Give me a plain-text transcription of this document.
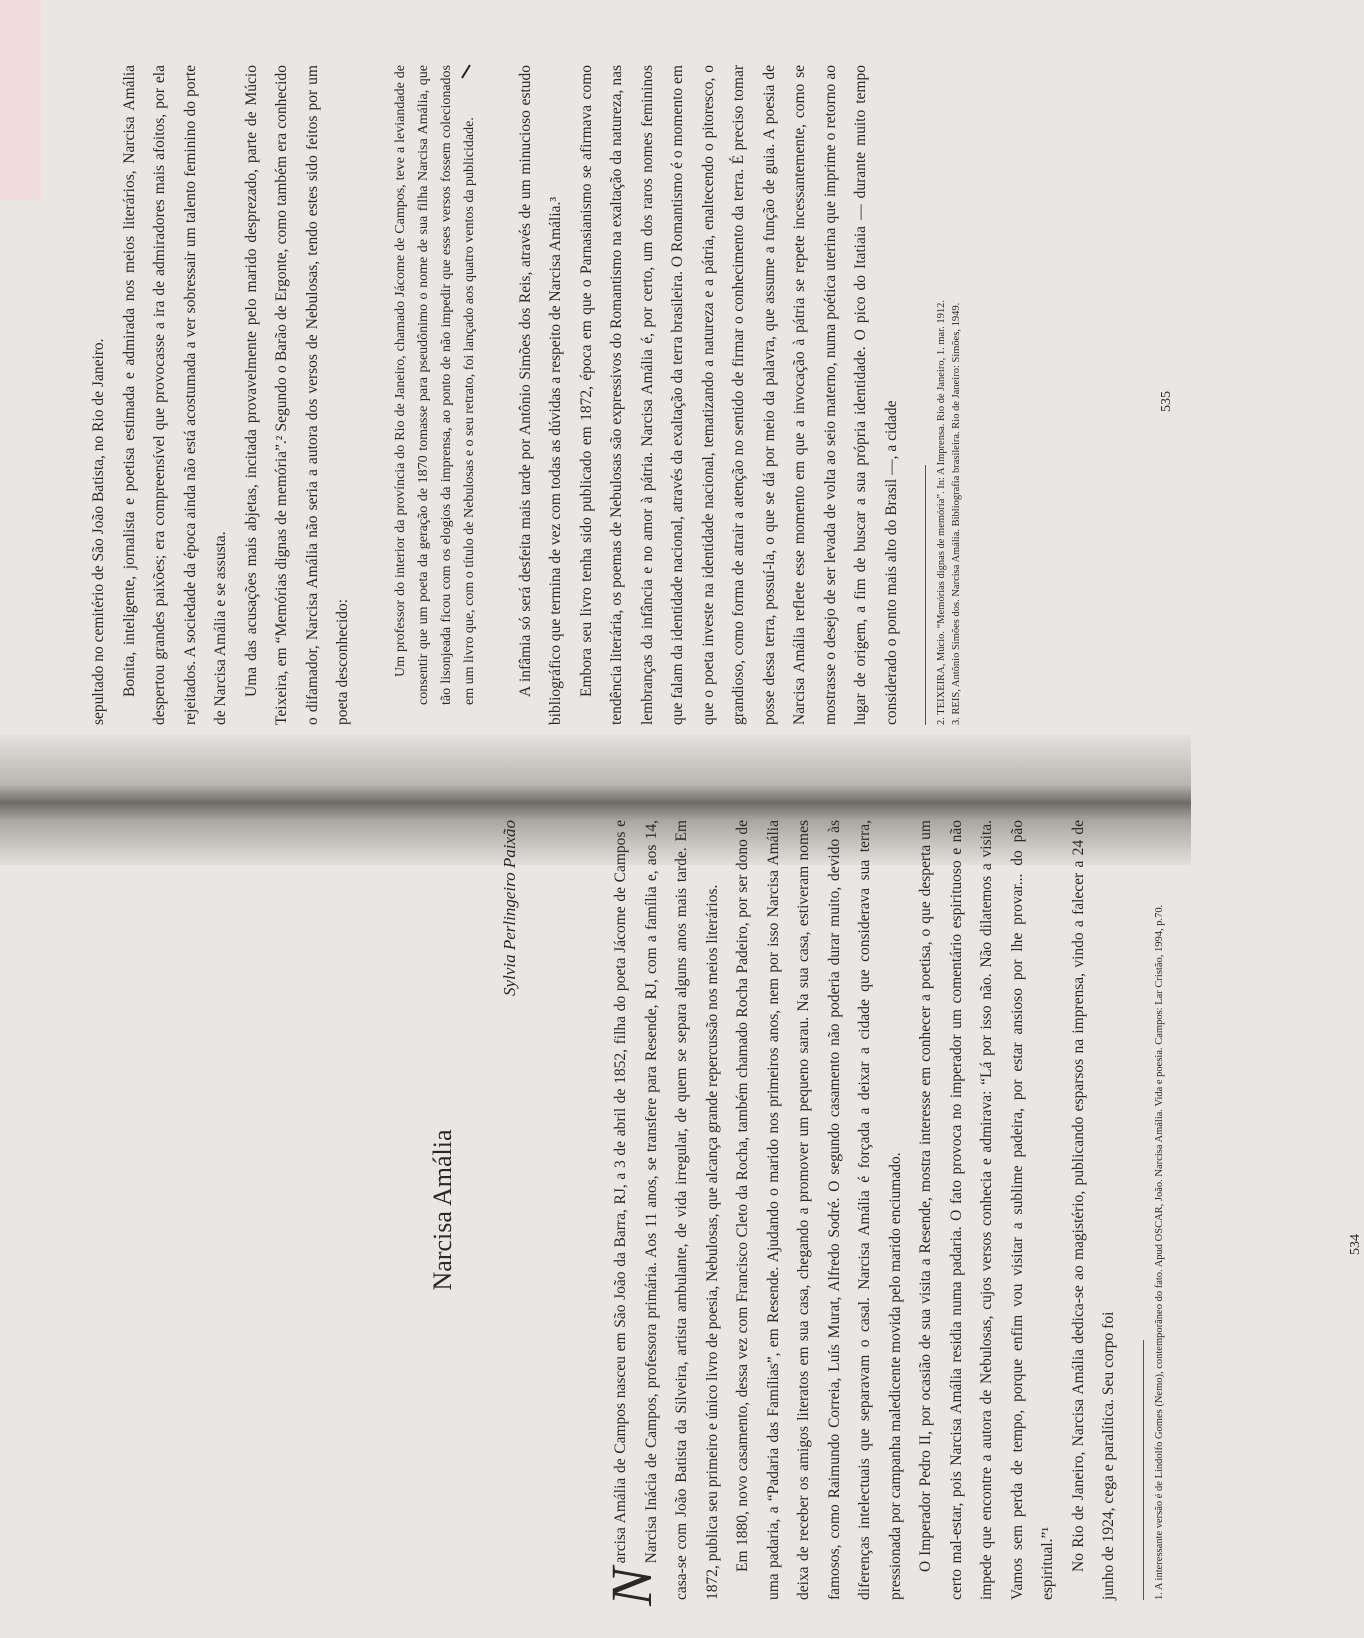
sepultado no cemitério de São João Batista, no Rio de Janeiro. Bonita, inteligente, jornalista e poetisa estimada e admirada nos meios literários, Narcisa Amália despertou grandes paixões; era compreensível que provocasse a ira de admiradores mais afoitos, por ela rejeitados. A sociedade da época ainda não está acostumada a ver sobressair um talento feminino do porte de Narcisa Amália e se assusta. Uma das acusações mais abjetas, incitada provavelmente pelo marido desprezado, parte de Múcio Teixeira, em “Memórias dignas de memória”.² Segundo o Barão de Ergonte, como também era conhecido o difamador, Narcisa Amália não seria a autora dos versos de Nebulosas, tendo estes sido feitos por um poeta desconhecido:	Um professor do interior da província do Rio de Janeiro, chamado Jácome de Campos, teve a leviandade de consentir que um poeta da geração de 1870 tomasse para pseudônimo o nome de sua filha Narcisa Amália, que tão lisonjeada ficou com os elogios da imprensa, ao ponto de não impedir que esses versos fossem colecionados em um livro que, com o título de Nebulosas e o seu retrato, foi lançado aos quatro ventos da publicidade.	A infâmia só será desfeita mais tarde por Antônio Simões dos Reis, através de um minucioso estudo bibliográfico que termina de vez com todas as dúvidas a respeito de Narcisa Amália.³ Embora seu livro tenha sido publicado em 1872, época em que o Parnasianismo se afirmava como tendência literária, os poemas de Nebulosas são expressivos do Romantismo na exaltação da natureza, nas lembranças da infância e no amor à pátria. Narcisa Amália é, por certo, um dos raros nomes femininos que falam da identidade nacional, através da exaltação da terra brasileira. O Romantismo é o momento em que o poeta investe na identidade nacional, tematizando a natureza e a pátria, enaltecendo o pitoresco, o grandioso, como forma de atrair a atenção no sentido de firmar o conhecimento da terra. É preciso tomar posse dessa terra, possuí-la, o que se dá por meio da palavra, que assume a função de guia. A poesia de Narcisa Amália reflete esse momento em que a invocação à pátria se repete incessantemente, como se mostrasse o desejo de ser levada de volta ao seio materno, numa poética uterina que imprime o retorno ao lugar de origem, a fim de buscar a sua própria identidade. O pico do Itatiaia — durante muito tempo considerado o ponto mais alto do Brasil —, a cidade	2. TEIXEIRA, Múcio. “Memórias dignas de memória”. In: A Imprensa. Rio de Janeiro, 1. mar. 1912. 3. REIS, Antônio Simões dos. Narcisa Amália. Bibliografia brasileira. Rio de Janeiro: Simões, 1949.	535
Narcisa Amália
Sylvia Perlingeiro Paixão

N
arcisa Amália de Campos nasceu em São João da Barra, RJ, a 3 de abril de 1852, filha do poeta Jácome de Campos e Narcisa Inácia de Campos, professora primária. Aos 11 anos, se transfere para Resende, RJ, com a família e, aos 14, casa-se com João Batista da Silveira, artista ambulante, de vida irregular, de quem se separa alguns anos mais tarde. Em 1872, publica seu primeiro e único livro de poesia, Nebulosas, que alcança grande repercussão nos meios literários. Em 1880, novo casamento, dessa vez com Francisco Cleto da Rocha, também chamado Rocha Padeiro, por ser dono de uma padaria, a “Padaria das Famílias”, em Resende. Ajudando o marido nos primeiros anos, nem por isso Narcisa Amália deixa de receber os amigos literatos em sua casa, chegando a promover um pequeno sarau. Na sua casa, estiveram nomes famosos, como Raimundo Correia, Luís Murat, Alfredo Sodré. O segundo casamento não poderia durar muito, devido às diferenças intelectuais que separavam o casal. Narcisa Amália é forçada a deixar a cidade que considerava sua terra, pressionada por campanha maledicente movida pelo marido enciumado. O Imperador Pedro II, por ocasião de sua visita a Resende, mostra interesse em conhecer a poetisa, o que desperta um certo mal-estar, pois Narcisa Amália residia numa padaria. O fato provoca no imperador um comentário espirituoso e não impede que encontre a autora de Nebulosas, cujos versos conhecia e admirava: “Lá por isso não. Não dilatemos a visita. Vamos sem perda de tempo, porque enfim vou visitar a sublime padeira, por estar ansioso por lhe provar... do pão espiritual.”¹ No Rio de Janeiro, Narcisa Amália dedica-se ao magistério, publicando esparsos na imprensa, vindo a falecer a 24 de junho de 1924, cega e paralítica. Seu corpo foi	1. A interessante versão é de Lindolfo Gomes (Nemo), contemporâneo do fato. Apud OSCAR, João. Narcisa Amália. Vida e poesia. Campos: Lar Cristão, 1994, p.70.	534
